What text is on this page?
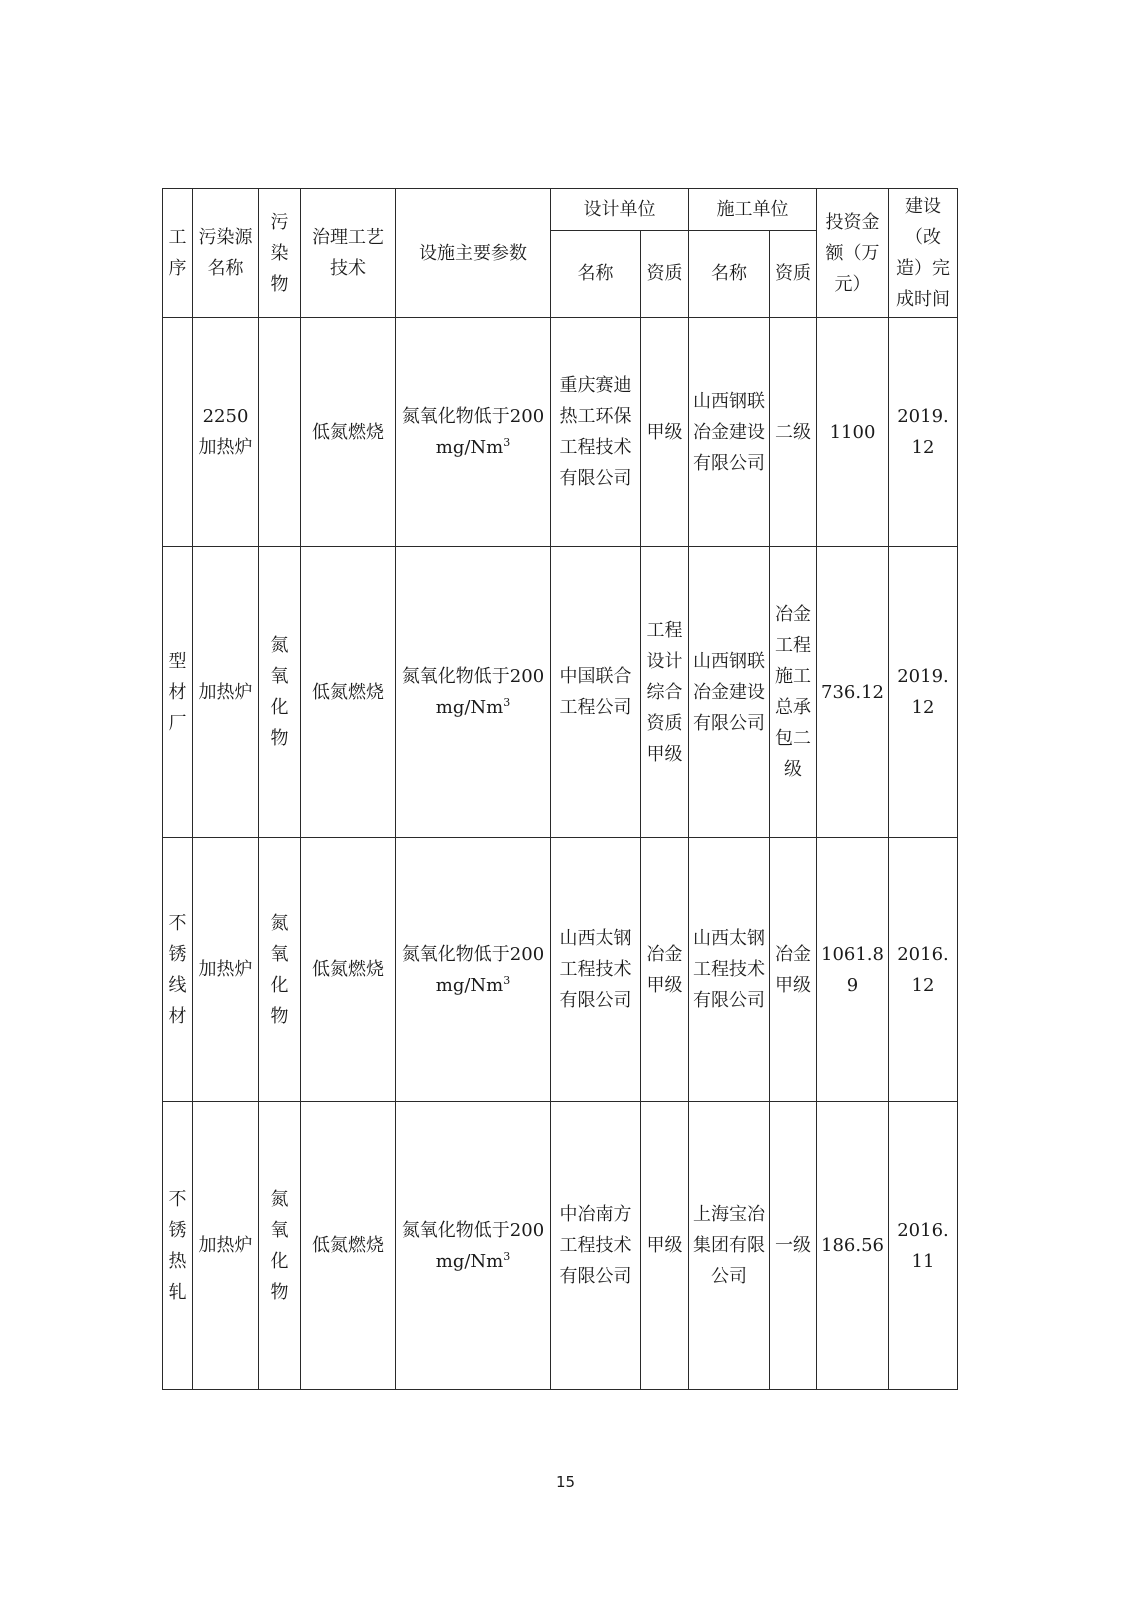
工序	污染源名称	污染物	治理工艺技术	设施主要参数	设计单位		施工单位		投资金额（万元）	建设（改造）完成时间
					名称	资质	名称	资质		
	2250加热炉		低氮燃烧	氮氧化物低于200mg/Nm$^3$	重庆赛迪热工环保工程技术有限公司	甲级	山西钢联冶金建设有限公司	二级	1100	2019.12
型材厂	加热炉	氮氧化物	低氮燃烧	氮氧化物低于200mg/Nm$^3$	中国联合工程公司	工程设计综合资质甲级	山西钢联冶金建设有限公司	冶金工程施工总承包二级	736.12	2019.12
不锈线材	加热炉	氮氧化物	低氮燃烧	氮氧化物低于200mg/Nm$^3$	山西太钢工程技术有限公司	冶金甲级	山西太钢工程技术有限公司	冶金甲级	1061.89	2016.12
不锈热轧	加热炉	氮氧化物	低氮燃烧	氮氧化物低于200mg/Nm$^3$	中冶南方工程技术有限公司	甲级	上海宝冶集团有限公司	一级	186.56	2016.11
15
